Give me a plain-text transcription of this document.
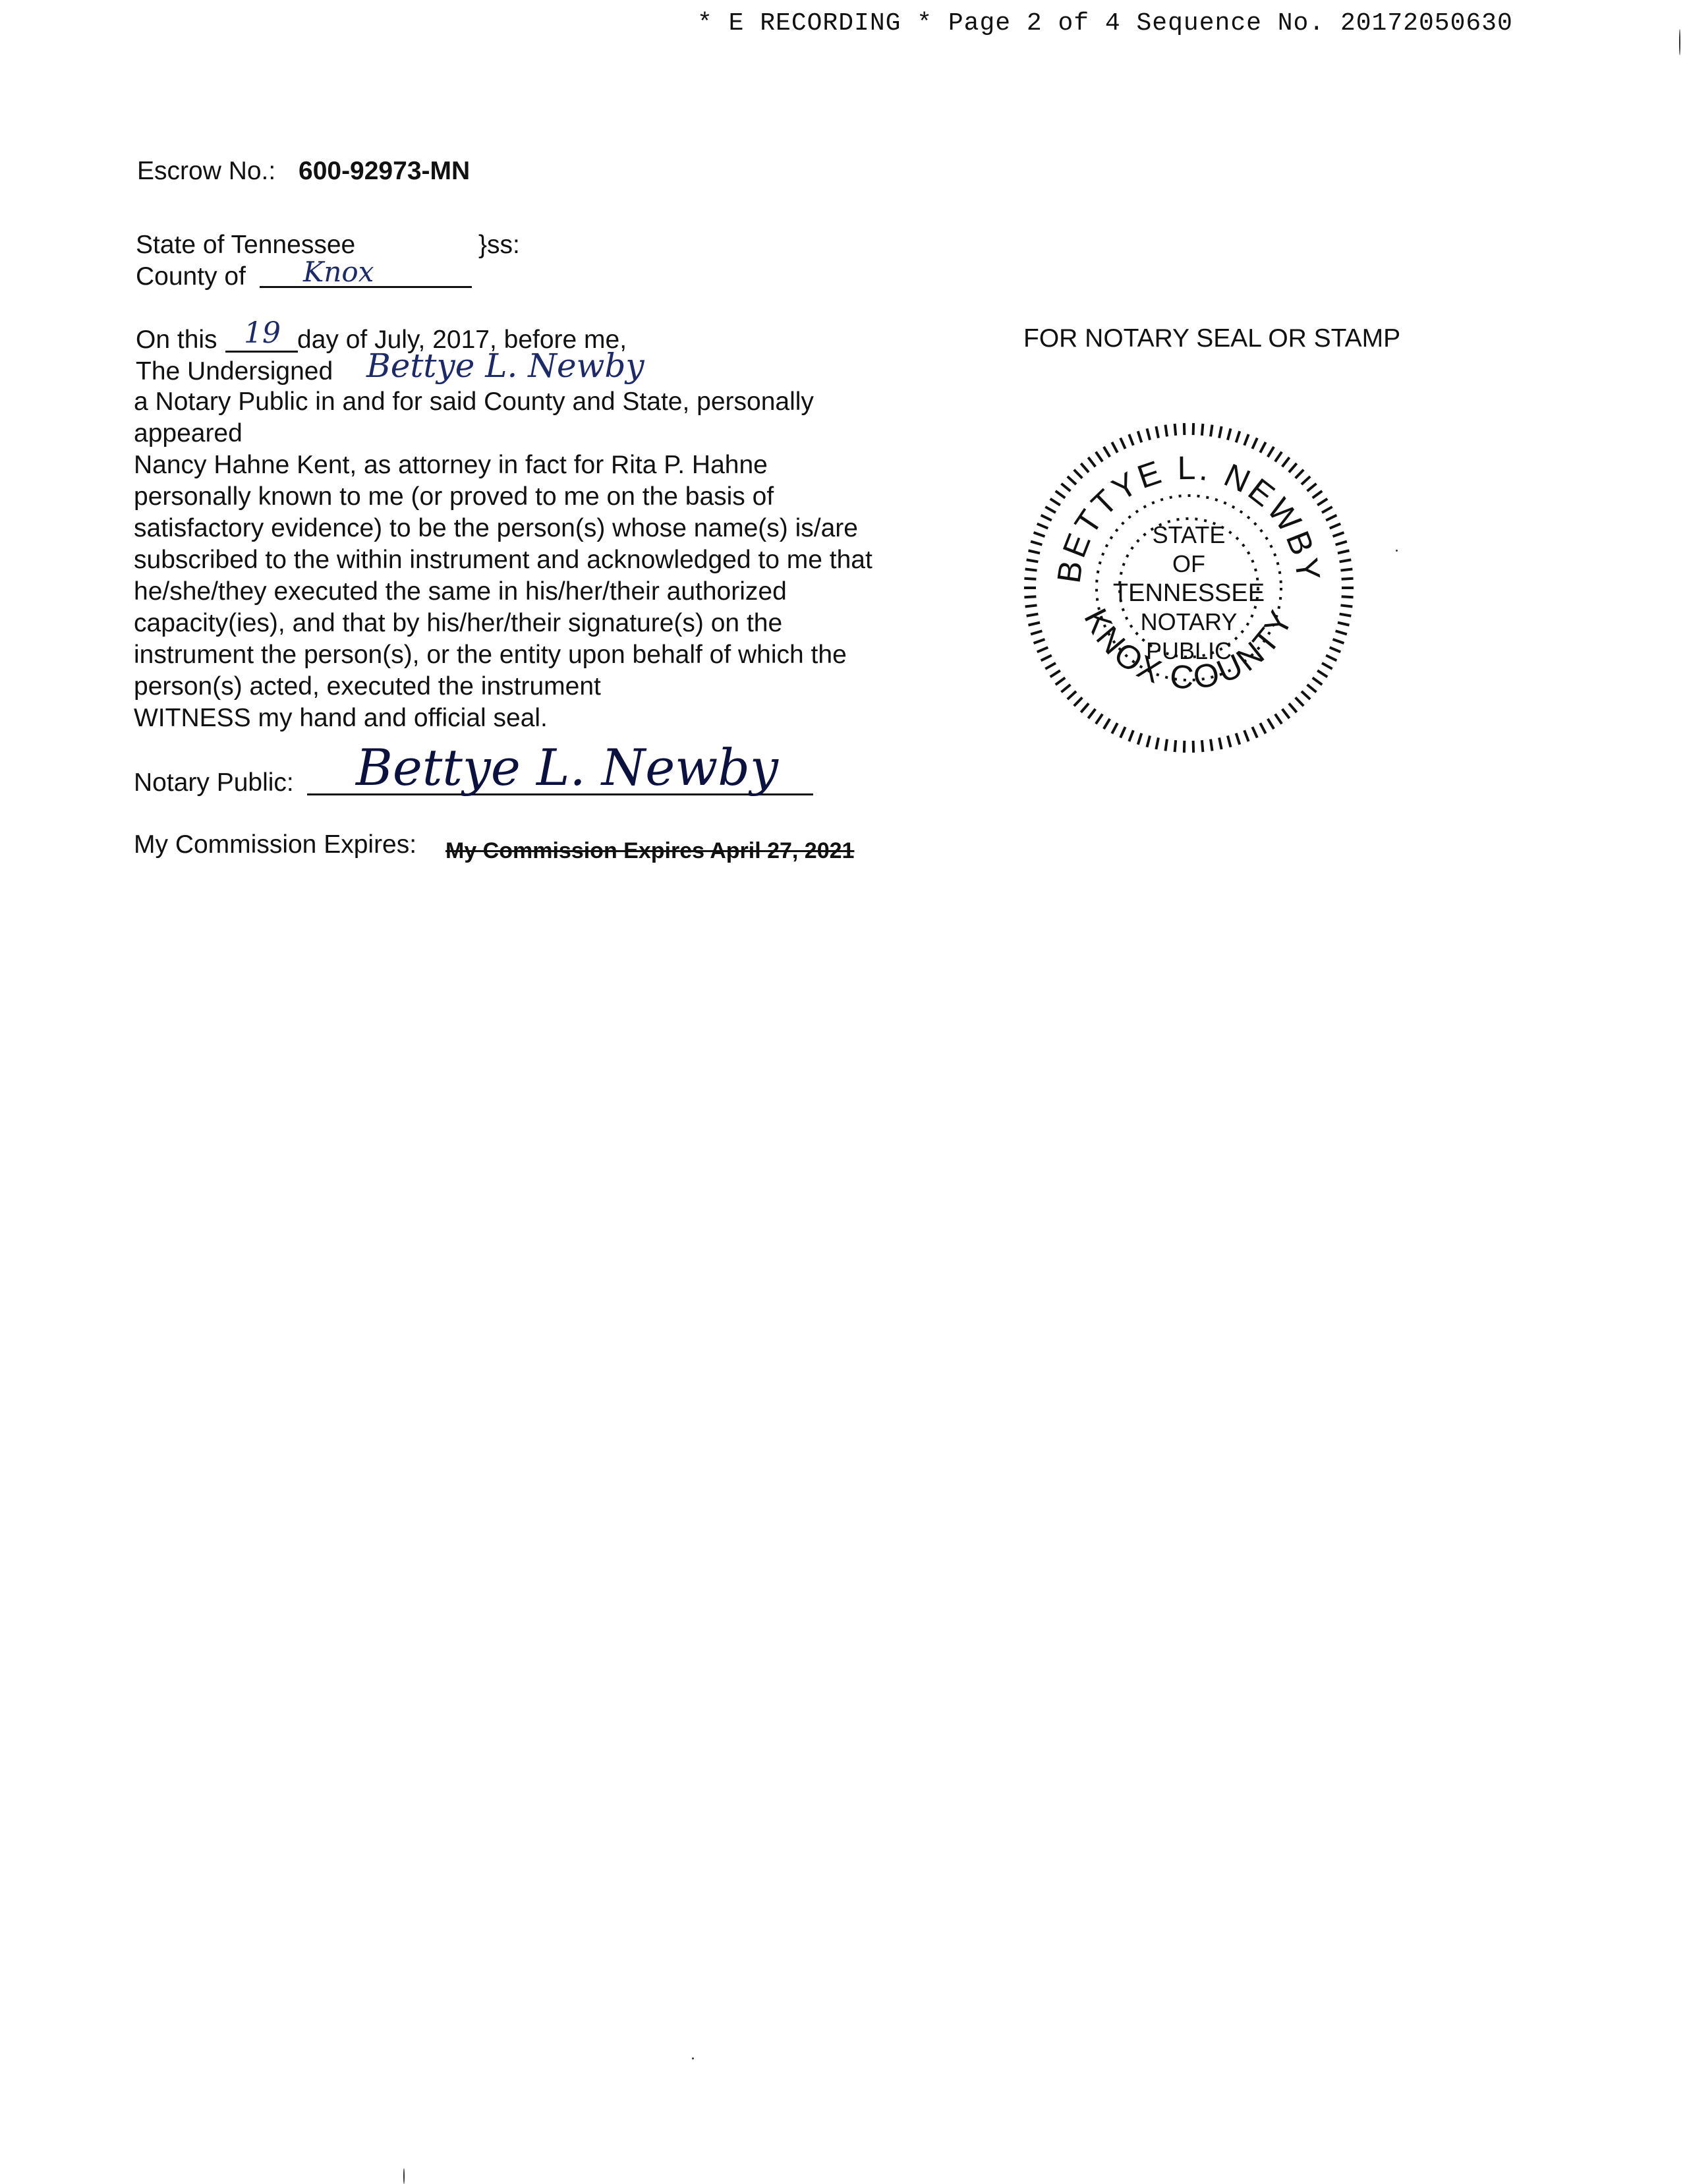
* E RECORDING * Page 2 of 4 Sequence No. 20172050630
Escrow No.: 600-92973-MN
State of Tennessee	}ss:
County of Knox
On this 19 day of July, 2017, before me,
The Undersigned Bettye L. Newby
a Notary Public in and for said County and State, personally
appeared
Nancy Hahne Kent, as attorney in fact for Rita P. Hahne
personally known to me (or proved to me on the basis of
satisfactory evidence) to be the person(s) whose name(s) is/are
subscribed to the within instrument and acknowledged to me that
he/she/they executed the same in his/her/their authorized
capacity(ies), and that by his/her/their signature(s) on the
instrument the person(s), or the entity upon behalf of which the
person(s) acted, executed the instrument
WITNESS my hand and official seal.
Notary Public: Bettye L. Newby
My Commission Expires: My Commission Expires April 27, 2021
FOR NOTARY SEAL OR STAMP
BETTYE L. NEWBY
KNOX COUNTY
STATE
OF
TENNESSEE
NOTARY
PUBLIC
